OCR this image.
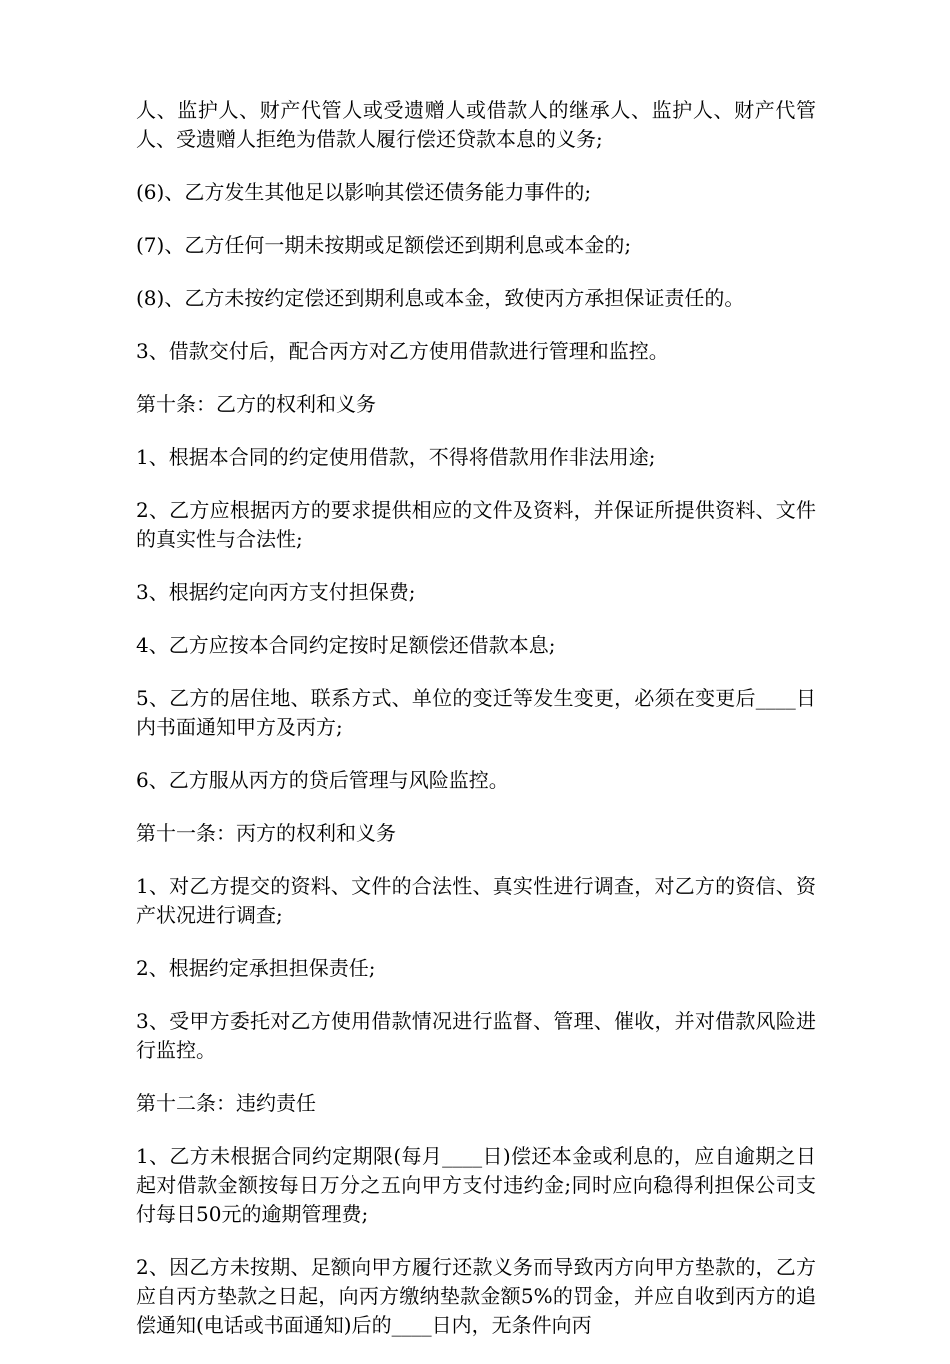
人、监护人、财产代管人或受遗赠人或借款人的继承人、监护人、财产代管人、受遗赠人拒绝为借款人履行偿还贷款本息的义务;

(6)、乙方发生其他足以影响其偿还债务能力事件的;

(7)、乙方任何一期未按期或足额偿还到期利息或本金的;

(8)、乙方未按约定偿还到期利息或本金，致使丙方承担保证责任的。

3、借款交付后，配合丙方对乙方使用借款进行管理和监控。

第十条：乙方的权利和义务

1、根据本合同的约定使用借款，不得将借款用作非法用途;

2、乙方应根据丙方的要求提供相应的文件及资料，并保证所提供资料、文件的真实性与合法性;

3、根据约定向丙方支付担保费;

4、乙方应按本合同约定按时足额偿还借款本息;

5、乙方的居住地、联系方式、单位的变迁等发生变更，必须在变更后____日内书面通知甲方及丙方;

6、乙方服从丙方的贷后管理与风险监控。

第十一条：丙方的权利和义务

1、对乙方提交的资料、文件的合法性、真实性进行调查，对乙方的资信、资产状况进行调查;

2、根据约定承担担保责任;

3、受甲方委托对乙方使用借款情况进行监督、管理、催收，并对借款风险进行监控。

第十二条：违约责任

1、乙方未根据合同约定期限(每月____日)偿还本金或利息的，应自逾期之日起对借款金额按每日万分之五向甲方支付违约金;同时应向稳得利担保公司支付每日50元的逾期管理费;

2、因乙方未按期、足额向甲方履行还款义务而导致丙方向甲方垫款的，乙方应自丙方垫款之日起，向丙方缴纳垫款金额5%的罚金，并应自收到丙方的追偿通知(电话或书面通知)后的____日内，无条件向丙
